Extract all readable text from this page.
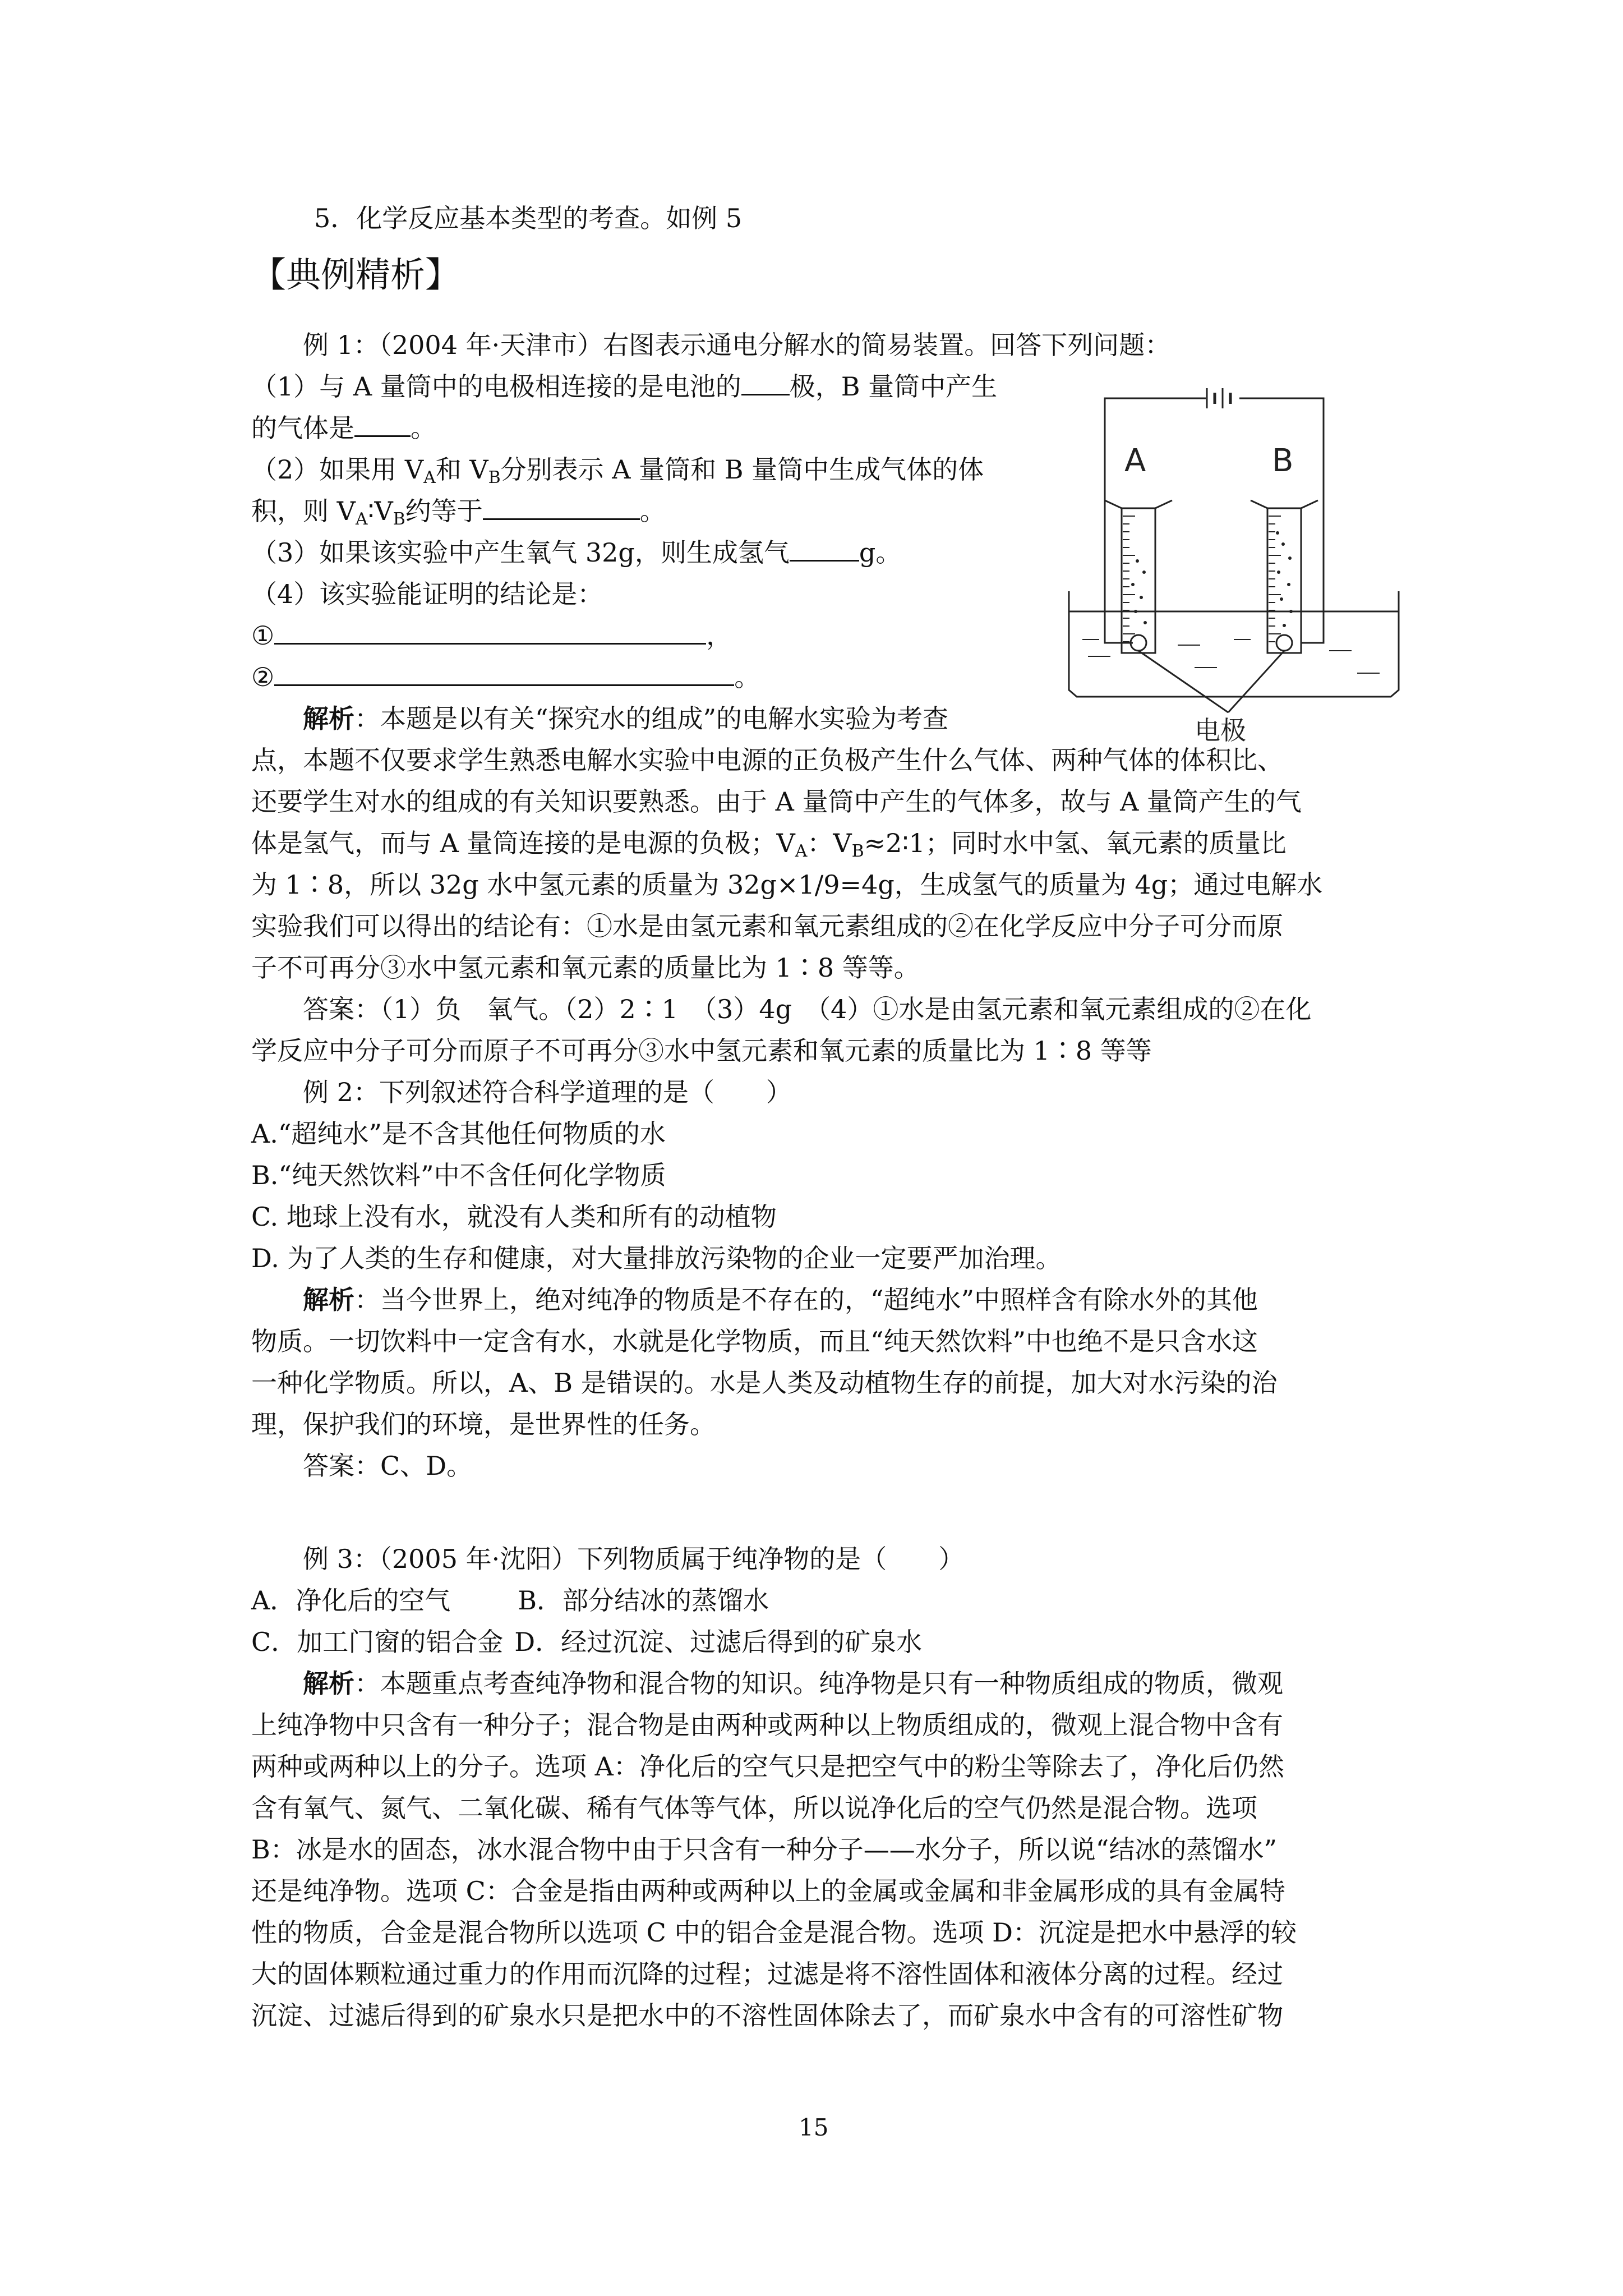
5．化学反应基本类型的考查。如例 5
【典例精析】
例 1：（2004 年·天津市）右图表示通电分解水的简易装置。回答下列问题：
（1）与 A 量筒中的电极相连接的是电池的 极，B 量筒中产生
的气体是 。
（2）如果用 $V_A$和 $V_B$分别表示 A 量筒和 B 量筒中生成气体的体
积，则 $V_A∶V_B$约等于	。
（3）如果该实验中产生氧气 32g，则生成氢气	g。
（4）该实验能证明的结论是：
①	，
②	。
解析：本题是以有关“探究水的组成”的电解水实验为考查
点，本题不仅要求学生熟悉电解水实验中电源的正负极产生什么气体、两种气体的体积比、
还要学生对水的组成的有关知识要熟悉。由于 A 量筒中产生的气体多，故与 A 量筒产生的气
体是氢气，而与 A 量筒连接的是电源的负极；$V_A$：$V_B\approx 2∶1$；同时水中氢、氧元素的质量比
为 1∶8，所以 32g 水中氢元素的质量为 32g×1/9=4g，生成氢气的质量为 4g；通过电解水
实验我们可以得出的结论有：①水是由氢元素和氧元素组成的②在化学反应中分子可分而原
子不可再分③水中氢元素和氧元素的质量比为 1∶8 等等。
答案：（1）负　氧气。（2）2∶1　（3）4g　（4）①水是由氢元素和氧元素组成的②在化
学反应中分子可分而原子不可再分③水中氢元素和氧元素的质量比为 1∶8 等等
A	B
电极
例 2：下列叙述符合科学道理的是（　　）
A.“超纯水”是不含其他任何物质的水
B.“纯天然饮料”中不含任何化学物质
C. 地球上没有水，就没有人类和所有的动植物
D. 为了人类的生存和健康，对大量排放污染物的企业一定要严加治理。
解析：当今世界上，绝对纯净的物质是不存在的，“超纯水”中照样含有除水外的其他
物质。一切饮料中一定含有水，水就是化学物质，而且“纯天然饮料”中也绝不是只含水这
一种化学物质。所以，A、B 是错误的。水是人类及动植物生存的前提，加大对水污染的治
理，保护我们的环境，是世界性的任务。
答案：C、D。
例 3：（2005 年·沈阳）下列物质属于纯净物的是（　　）
A．净化后的空气	B．部分结冰的蒸馏水
C．加工门窗的铝合金 D．经过沉淀、过滤后得到的矿泉水
解析：本题重点考查纯净物和混合物的知识。纯净物是只有一种物质组成的物质，微观
上纯净物中只含有一种分子；混合物是由两种或两种以上物质组成的，微观上混合物中含有
两种或两种以上的分子。选项 A：净化后的空气只是把空气中的粉尘等除去了，净化后仍然
含有氧气、氮气、二氧化碳、稀有气体等气体，所以说净化后的空气仍然是混合物。选项
B：冰是水的固态，冰水混合物中由于只含有一种分子——水分子，所以说“结冰的蒸馏水”
还是纯净物。选项 C：合金是指由两种或两种以上的金属或金属和非金属形成的具有金属特
性的物质，合金是混合物所以选项 C 中的铝合金是混合物。选项 D：沉淀是把水中悬浮的较
大的固体颗粒通过重力的作用而沉降的过程；过滤是将不溶性固体和液体分离的过程。经过
沉淀、过滤后得到的矿泉水只是把水中的不溶性固体除去了，而矿泉水中含有的可溶性矿物
15
